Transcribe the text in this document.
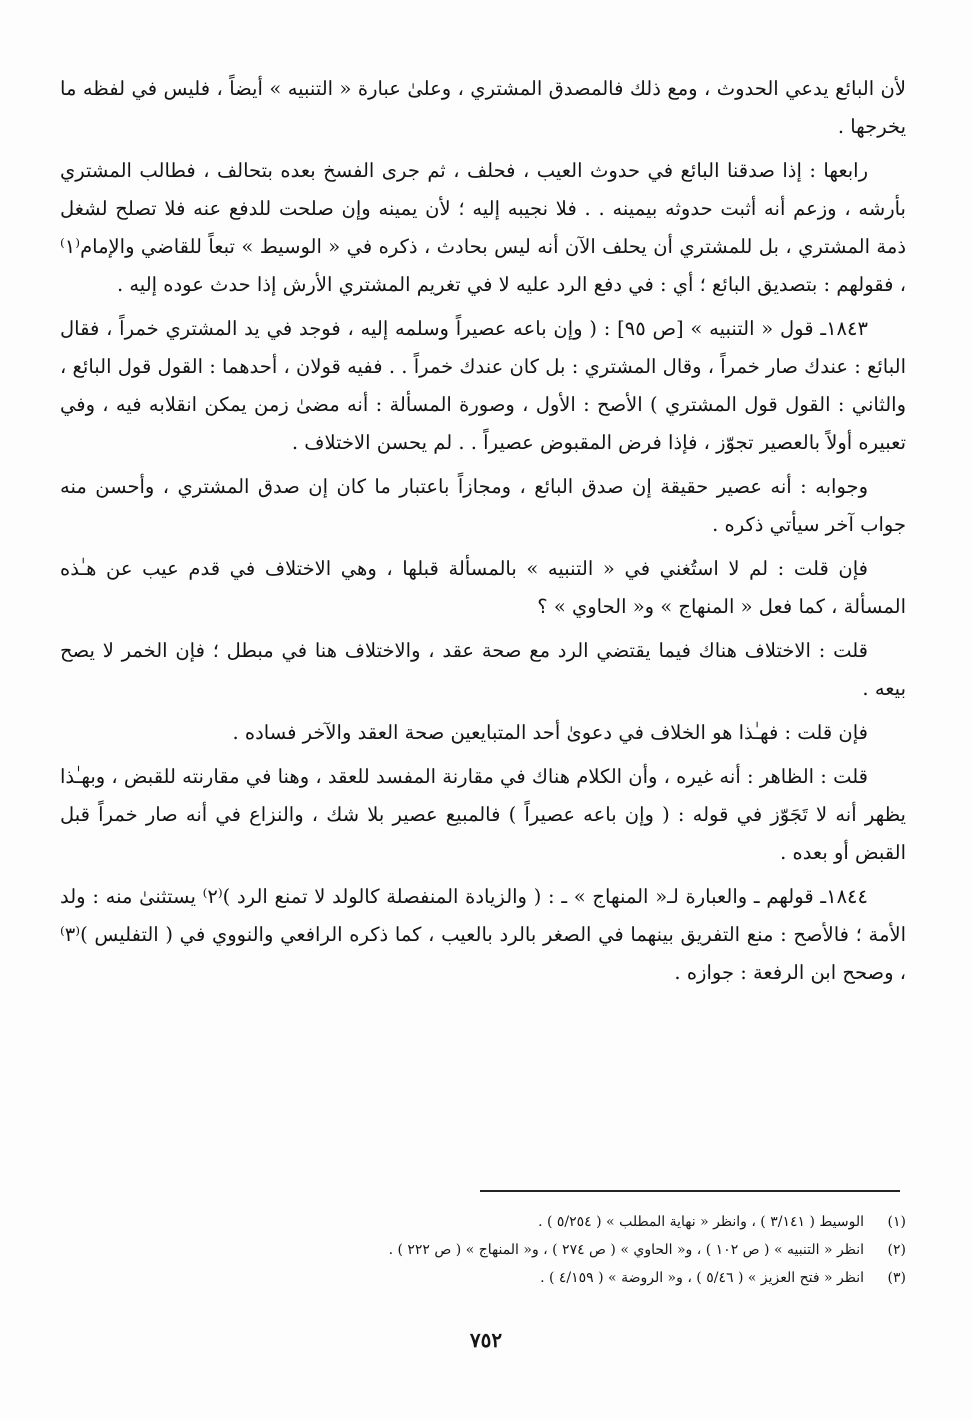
لأن البائع يدعي الحدوث ، ومع ذلك فالمصدق المشتري ، وعلىٰ عبارة « التنبيه » أيضاً ، فليس في لفظه ما يخرجها .

رابعها : إذا صدقنا البائع في حدوث العيب ، فحلف ، ثم جرى الفسخ بعده بتحالف ، فطالب المشتري بأرشه ، وزعم أنه أثبت حدوثه بيمينه . . فلا نجيبه إليه ؛ لأن يمينه وإن صلحت للدفع عنه فلا تصلح لشغل ذمة المشتري ، بل للمشتري أن يحلف الآن أنه ليس بحادث ، ذكره في « الوسيط » تبعاً للقاضي والإمام⁽١⁾ ، فقولهم : بتصديق البائع ؛ أي : في دفع الرد عليه لا في تغريم المشتري الأرش إذا حدث عوده إليه .

١٨٤٣ـ قول « التنبيه » [ص ٩٥] : ( وإن باعه عصيراً وسلمه إليه ، فوجد في يد المشتري خمراً ، فقال البائع : عندك صار خمراً ، وقال المشتري : بل كان عندك خمراً . . ففيه قولان ، أحدهما : القول قول البائع ، والثاني : القول قول المشتري ) الأصح : الأول ، وصورة المسألة : أنه مضىٰ زمن يمكن انقلابه فيه ، وفي تعبيره أولاً بالعصير تجوّز ، فإذا فرض المقبوض عصيراً . . لم يحسن الاختلاف .

وجوابه : أنه عصير حقيقة إن صدق البائع ، ومجازاً باعتبار ما كان إن صدق المشتري ، وأحسن منه جواب آخر سيأتي ذكره .

فإن قلت : لم لا استُغني في « التنبيه » بالمسألة قبلها ، وهي الاختلاف في قدم عيب عن هـٰذه المسألة ، كما فعل « المنهاج » و« الحاوي » ؟

قلت : الاختلاف هناك فيما يقتضي الرد مع صحة عقد ، والاختلاف هنا في مبطل ؛ فإن الخمر لا يصح بيعه .

فإن قلت : فهـٰذا هو الخلاف في دعوىٰ أحد المتبايعين صحة العقد والآخر فساده .

قلت : الظاهر : أنه غيره ، وأن الكلام هناك في مقارنة المفسد للعقد ، وهنا في مقارنته للقبض ، وبهـٰذا يظهر أنه لا تَجَوّز في قوله : ( وإن باعه عصيراً ) فالمبيع عصير بلا شك ، والنزاع في أنه صار خمراً قبل القبض أو بعده .

١٨٤٤ـ قولهم ـ والعبارة لـ« المنهاج » ـ : ( والزيادة المنفصلة كالولد لا تمنع الرد )⁽٢⁾ يستثنىٰ منه : ولد الأمة ؛ فالأصح : منع التفريق بينهما في الصغر بالرد بالعيب ، كما ذكره الرافعي والنووي في ( التفليس )⁽٣⁾ ، وصحح ابن الرفعة : جوازه .

(١)
الوسيط ( ٣/١٤١ ) ، وانظر « نهاية المطلب » ( ٥/٢٥٤ ) .
(٢)
انظر « التنبيه » ( ص ١٠٢ ) ، و« الحاوي » ( ص ٢٧٤ ) ، و« المنهاج » ( ص ٢٢٢ ) .
(٣)
انظر « فتح العزيز » ( ٥/٤٦ ) ، و« الروضة » ( ٤/١٥٩ ) .
٧٥٢
